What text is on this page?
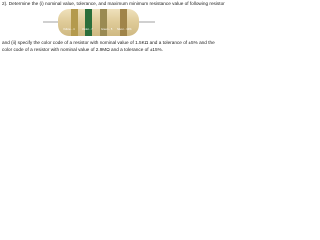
2). Determine the (i) nominal value, tolerance, and maximum minimum resistance value of following resistor
Yellow - 4	Violet - 7	Green - 5 Silver - 10%
and (ii) specify the color code of a resistor with nominal value of 1.5KΩ and a tolerance of ±5% and the
color code of a resistor with nominal value of 2.9MΩ and a tolerance of ±15%.
